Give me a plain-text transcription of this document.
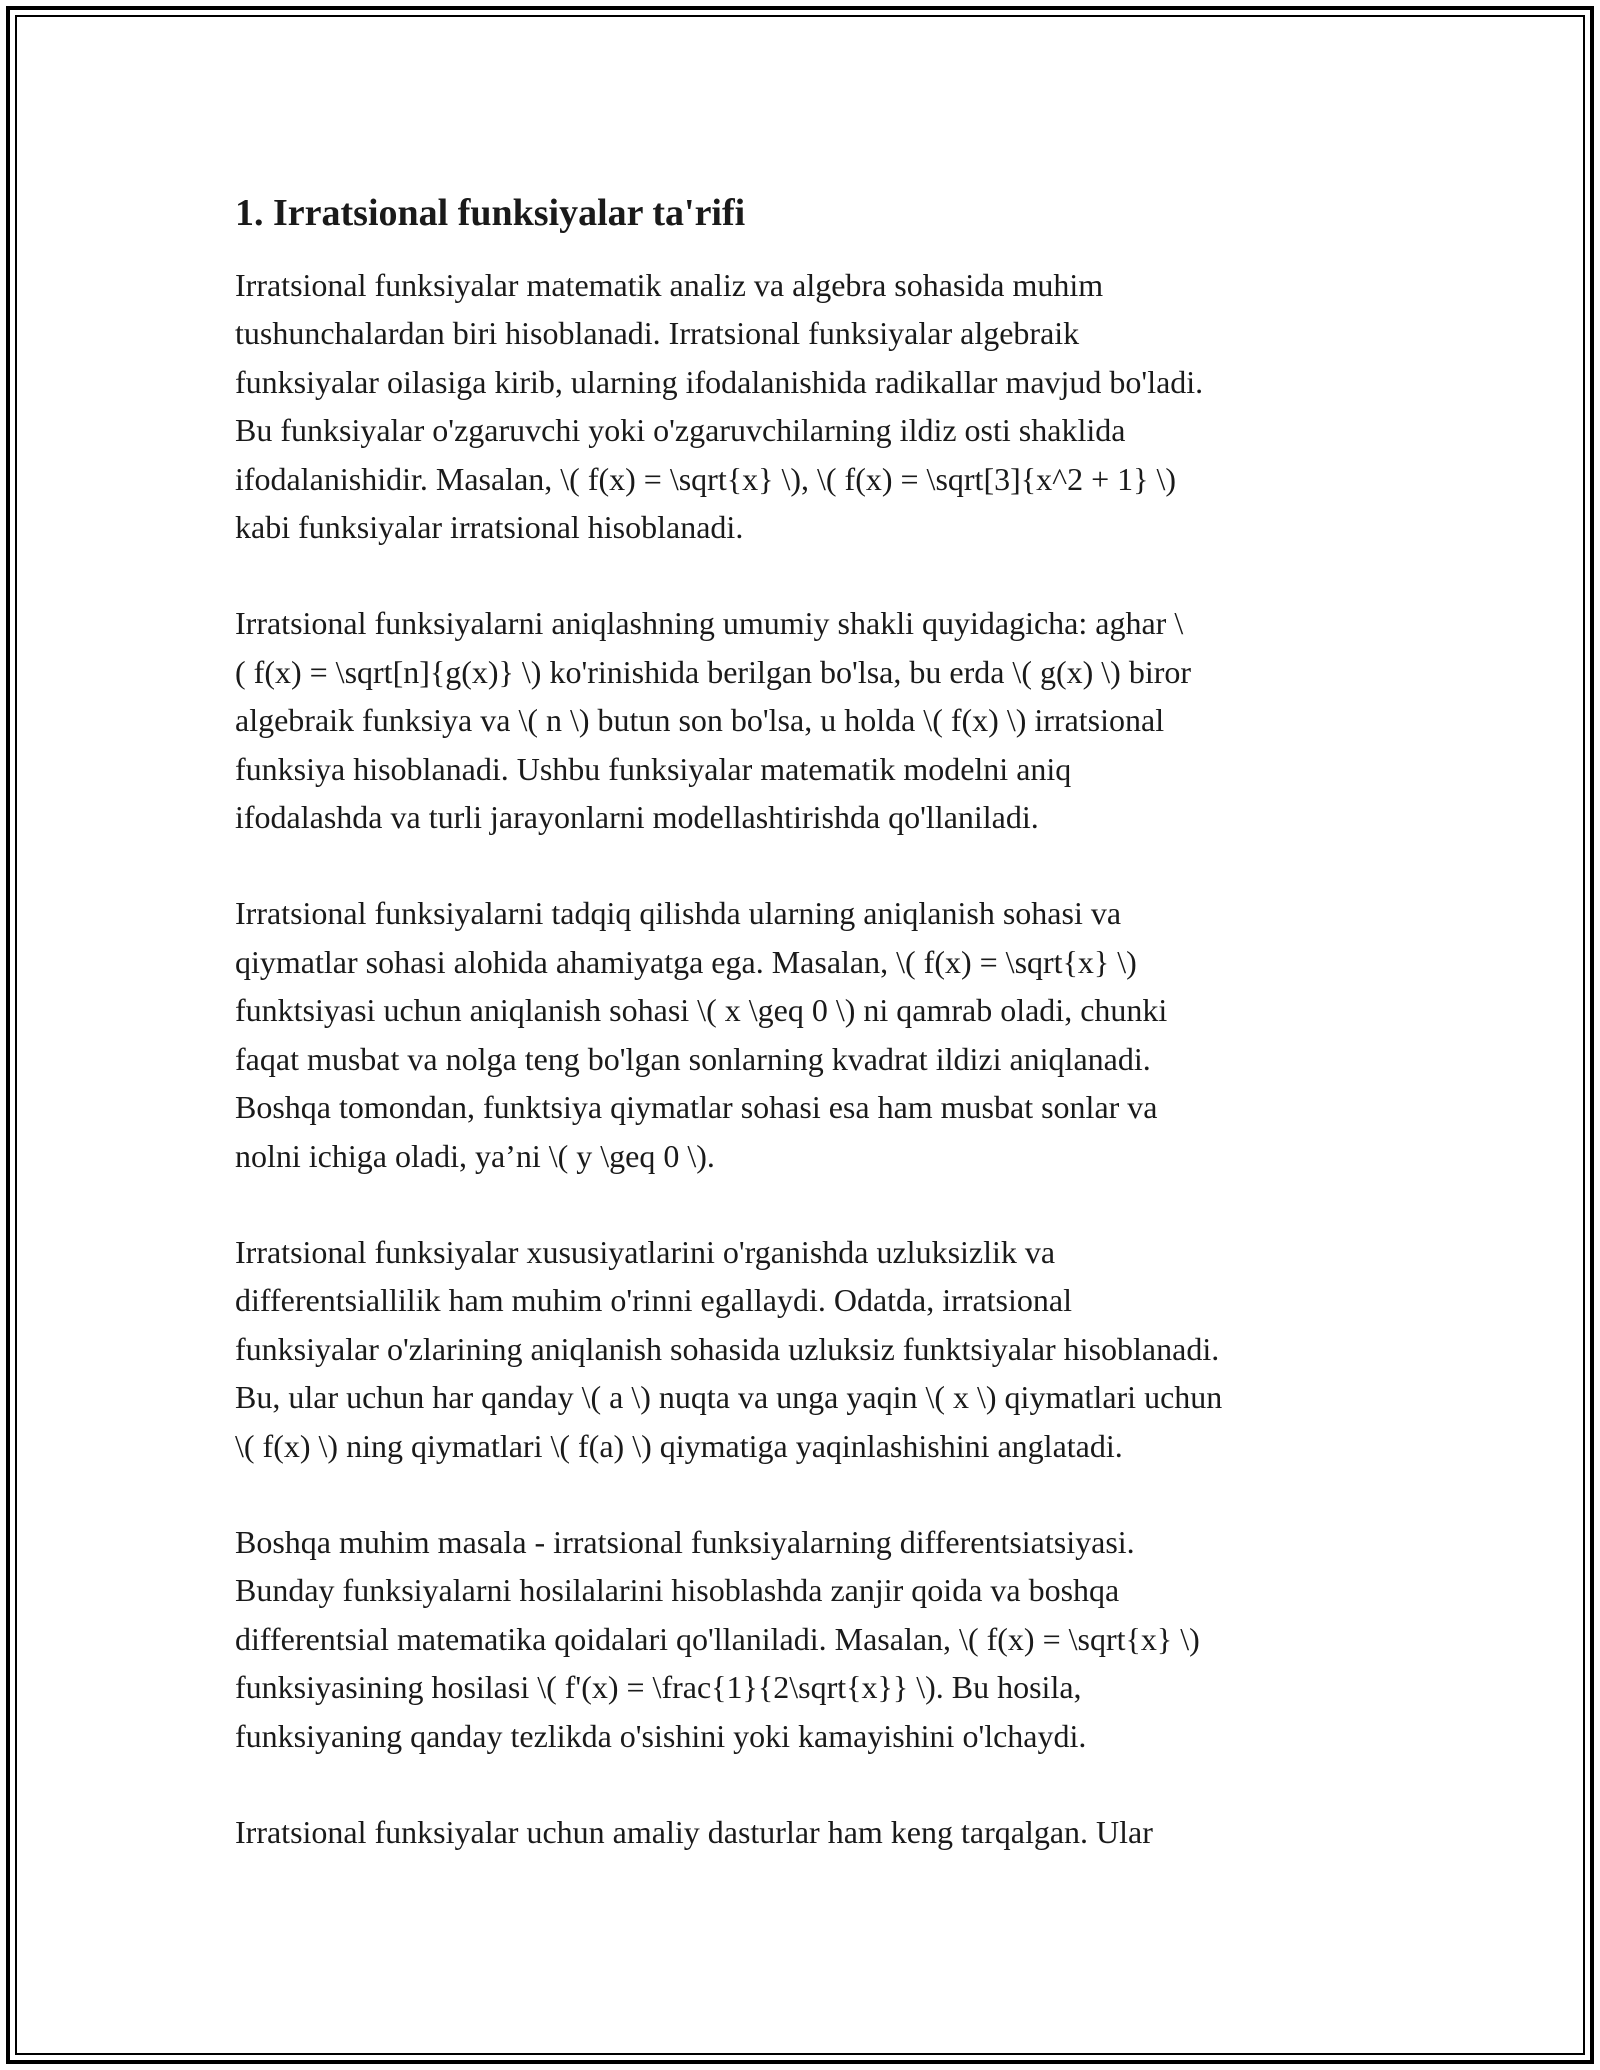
1. Irratsional funksiyalar ta'rifi

Irratsional funksiyalar matematik analiz va algebra sohasida muhim
tushunchalardan biri hisoblanadi. Irratsional funksiyalar algebraik
funksiyalar oilasiga kirib, ularning ifodalanishida radikallar mavjud bo'ladi.
Bu funksiyalar o'zgaruvchi yoki o'zgaruvchilarning ildiz osti shaklida
ifodalanishidir. Masalan, \( f(x) = \sqrt{x} \), \( f(x) = \sqrt[3]{x^2 + 1} \)
kabi funksiyalar irratsional hisoblanadi.

Irratsional funksiyalarni aniqlashning umumiy shakli quyidagicha: aghar \
( f(x) = \sqrt[n]{g(x)} \) ko'rinishida berilgan bo'lsa, bu erda \( g(x) \) biror
algebraik funksiya va \( n \) butun son bo'lsa, u holda \( f(x) \) irratsional
funksiya hisoblanadi. Ushbu funksiyalar matematik modelni aniq
ifodalashda va turli jarayonlarni modellashtirishda qo'llaniladi.

Irratsional funksiyalarni tadqiq qilishda ularning aniqlanish sohasi va
qiymatlar sohasi alohida ahamiyatga ega. Masalan, \( f(x) = \sqrt{x} \)
funktsiyasi uchun aniqlanish sohasi \( x \geq 0 \) ni qamrab oladi, chunki
faqat musbat va nolga teng bo'lgan sonlarning kvadrat ildizi aniqlanadi.
Boshqa tomondan, funktsiya qiymatlar sohasi esa ham musbat sonlar va
nolni ichiga oladi, ya’ni \( y \geq 0 \).

Irratsional funksiyalar xususiyatlarini o'rganishda uzluksizlik va
differentsiallilik ham muhim o'rinni egallaydi. Odatda, irratsional
funksiyalar o'zlarining aniqlanish sohasida uzluksiz funktsiyalar hisoblanadi.
Bu, ular uchun har qanday \( a \) nuqta va unga yaqin \( x \) qiymatlari uchun
\( f(x) \) ning qiymatlari \( f(a) \) qiymatiga yaqinlashishini anglatadi.

Boshqa muhim masala - irratsional funksiyalarning differentsiatsiyasi.
Bunday funksiyalarni hosilalarini hisoblashda zanjir qoida va boshqa
differentsial matematika qoidalari qo'llaniladi. Masalan, \( f(x) = \sqrt{x} \)
funksiyasining hosilasi \( f'(x) = \frac{1}{2\sqrt{x}} \). Bu hosila,
funksiyaning qanday tezlikda o'sishini yoki kamayishini o'lchaydi.

Irratsional funksiyalar uchun amaliy dasturlar ham keng tarqalgan. Ular
